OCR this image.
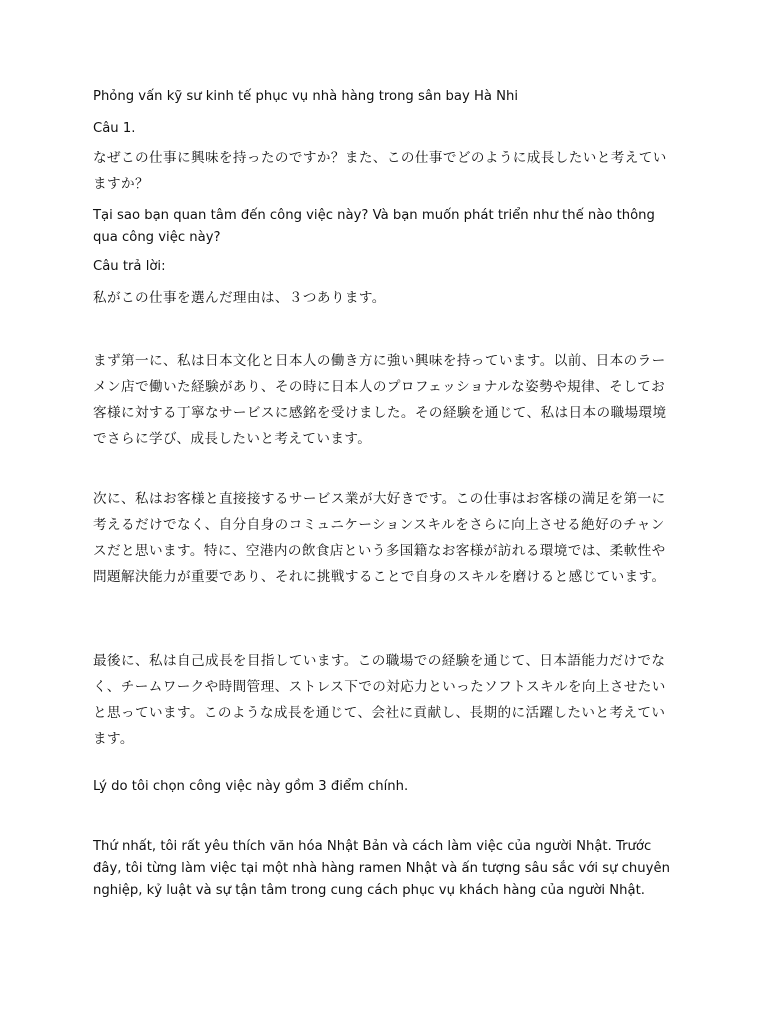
Phỏng vấn kỹ sư kinh tế phục vụ nhà hàng trong sân bay Hà Nhi

Câu 1.

なぜこの仕事に興味を持ったのですか？また、この仕事でどのように成長したいと考えていますか？

Tại sao bạn quan tâm đến công việc này? Và bạn muốn phát triển như thế nào thông qua công việc này?

Câu trả lời:

私がこの仕事を選んだ理由は、３つあります。

まず第一に、私は日本文化と日本人の働き方に強い興味を持っています。以前、日本のラーメン店で働いた経験があり、その時に日本人のプロフェッショナルな姿勢や規律、そしてお客様に対する丁寧なサービスに感銘を受けました。その経験を通じて、私は日本の職場環境でさらに学び、成長したいと考えています。

次に、私はお客様と直接接するサービス業が大好きです。この仕事はお客様の満足を第一に考えるだけでなく、自分自身のコミュニケーションスキルをさらに向上させる絶好のチャンスだと思います。特に、空港内の飲食店という多国籍なお客様が訪れる環境では、柔軟性や問題解決能力が重要であり、それに挑戦することで自身のスキルを磨けると感じています。

最後に、私は自己成長を目指しています。この職場での経験を通じて、日本語能力だけでなく、チームワークや時間管理、ストレス下での対応力といったソフトスキルを向上させたいと思っています。このような成長を通じて、会社に貢献し、長期的に活躍したいと考えています。

Lý do tôi chọn công việc này gồm 3 điểm chính.

Thứ nhất, tôi rất yêu thích văn hóa Nhật Bản và cách làm việc của người Nhật. Trước đây, tôi từng làm việc tại một nhà hàng ramen Nhật và ấn tượng sâu sắc với sự chuyên nghiệp, kỷ luật và sự tận tâm trong cung cách phục vụ khách hàng của người Nhật.
